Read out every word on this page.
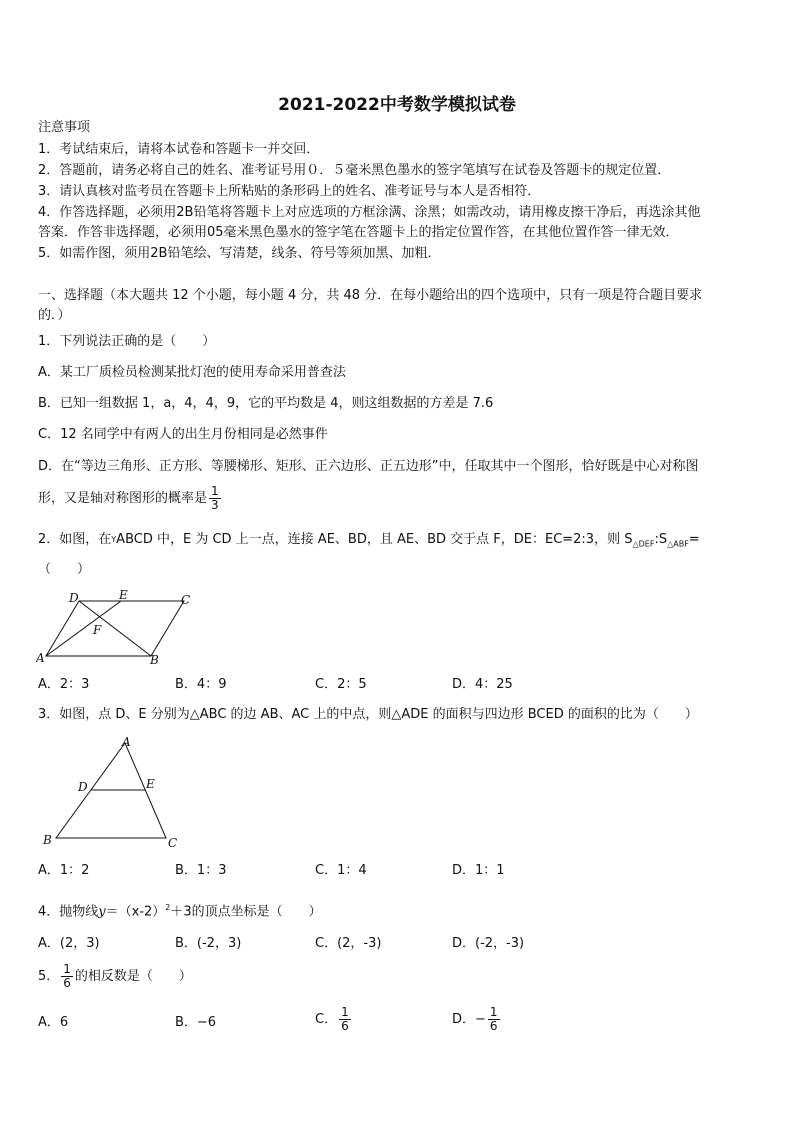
2021-2022中考数学模拟试卷
注意事项
1．考试结束后，请将本试卷和答题卡一并交回．
2．答题前，请务必将自己的姓名、准考证号用０．５毫米黑色墨水的签字笔填写在试卷及答题卡的规定位置．
3．请认真核对监考员在答题卡上所粘贴的条形码上的姓名、准考证号与本人是否相符．
4．作答选择题，必须用2B铅笔将答题卡上对应选项的方框涂满、涂黑；如需改动，请用橡皮擦干净后，再选涂其他
答案．作答非选择题，必须用05毫米黑色墨水的签字笔在答题卡上的指定位置作答，在其他位置作答一律无效．
5．如需作图，须用2B铅笔绘、写清楚，线条、符号等须加黑、加粗．
一、选择题（本大题共 12 个小题，每小题 4 分，共 48 分．在每小题给出的四个选项中，只有一项是符合题目要求
的．）
1．下列说法正确的是（　　）
A．某工厂质检员检测某批灯泡的使用寿命采用普查法
B．已知一组数据 1，a，4，4，9，它的平均数是 4，则这组数据的方差是 7.6
C．12 名同学中有两人的出生月份相同是必然事件
D．在“等边三角形、正方形、等腰梯形、矩形、正六边形、正五边形”中，任取其中一个图形，恰好既是中心对称图
形，又是轴对称图形的概率是 $\frac{1}{3}$
2．如图，在$^Y$ABCD 中，E 为 CD 上一点，连接 AE、BD，且 AE、BD 交于点 F，DE：EC=2:3，则 $S_{\triangle DEF}:S_{\triangle ABF}=$
（　　）
A	B
C
D	E
F
A．2：3	B．4：9	C．2：5	D．4：25
3．如图，点 D、E 分别为△ABC 的边 AB、AC 上的中点，则△ADE 的面积与四边形 BCED 的面积的比为（　　）
A
B	C
D	E
A．1：2	B．1：3	C．1：4	D．1：1
4．抛物线$y=(x-2)^2+3$的顶点坐标是（　　）
A．(2，3)	B．(-2，3)	C．(2，-3)	D．(-2，-3)
5． $\frac{1}{6}$ 的相反数是（　　）
A．6	B．−6	C． $\frac{1}{6}$	D．− $\frac{1}{6}$
